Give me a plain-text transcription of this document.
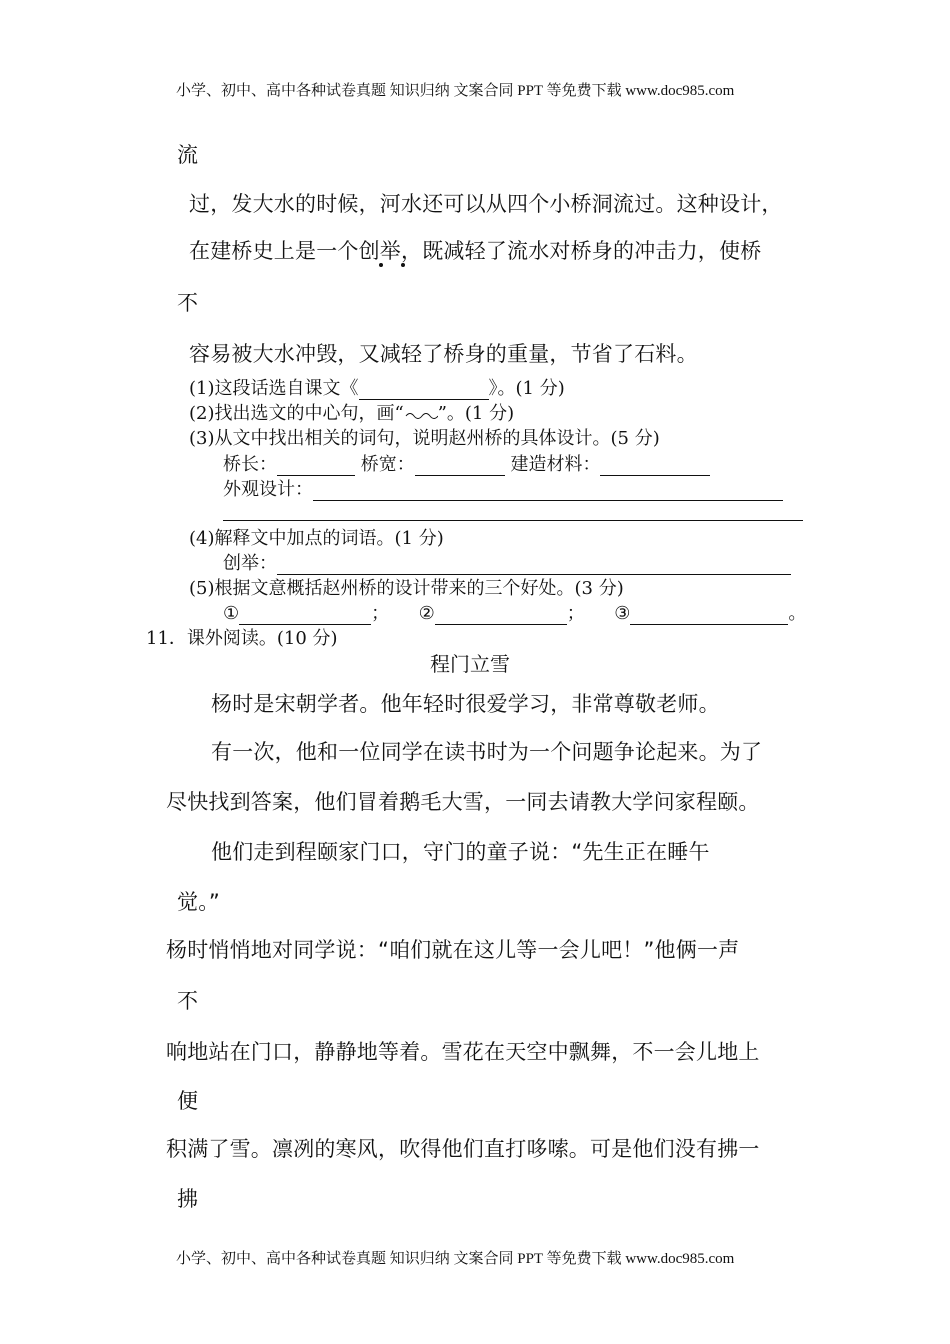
小学、初中、高中各种试卷真题 知识归纳 文案合同 PPT 等免费下载 www.doc985.com
流
过，发大水的时候，河水还可以从四个小桥洞流过。这种设计，
在建桥史上是一个创举，既减轻了流水对桥身的冲击力，使桥
不
容易被大水冲毁，又减轻了桥身的重量，节省了石料。
(1)这段话选自课文《	》。(1 分)
(2)找出选文的中心句，画“ ”。(1 分)
(3)从文中找出相关的词句，说明赵州桥的具体设计。(5 分)
桥长：	桥宽：	建造材料：
外观设计：
(4)解释文中加点的词语。(1 分)
创举：
(5)根据文意概括赵州桥的设计带来的三个好处。(3 分)
①	； ②	； ③	。
11．课外阅读。(10 分)
程门立雪
杨时是宋朝学者。他年轻时很爱学习，非常尊敬老师。
有一次，他和一位同学在读书时为一个问题争论起来。为了
尽快找到答案，他们冒着鹅毛大雪，一同去请教大学问家程颐。
他们走到程颐家门口，守门的童子说：“先生正在睡午
觉。”
杨时悄悄地对同学说：“咱们就在这儿等一会儿吧！”他俩一声
不
响地站在门口，静静地等着。雪花在天空中飘舞，不一会儿地上
便
积满了雪。凛冽的寒风，吹得他们直打哆嗦。可是他们没有拂一
拂
小学、初中、高中各种试卷真题 知识归纳 文案合同 PPT 等免费下载 www.doc985.com
